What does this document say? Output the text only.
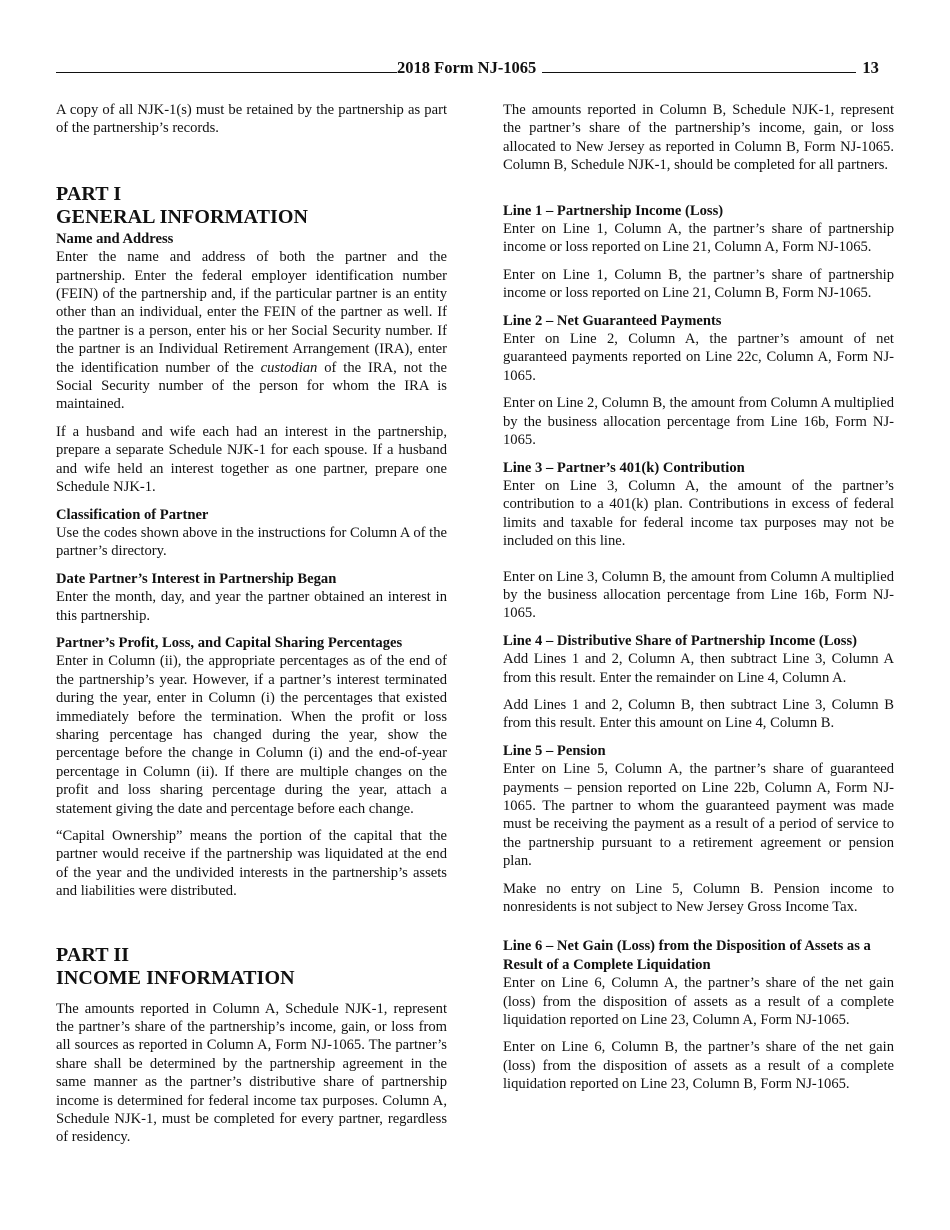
2018 Form NJ-1065	13

A copy of all NJK-1(s) must be retained by the partnership as part of the partnership’s records.

PART I
GENERAL INFORMATION
Name and Address

Enter the name and address of both the partner and the partnership. Enter the federal employer identification number (FEIN) of the partnership and, if the particular partner is an entity other than an individual, enter the FEIN of the partner as well. If the partner is a person, enter his or her Social Security number. If the partner is an Individual Retirement Arrangement (IRA), enter the identification number of the custodian of the IRA, not the Social Security number of the person for whom the IRA is maintained.

If a husband and wife each had an interest in the partnership, prepare a separate Schedule NJK-1 for each spouse. If a husband and wife held an interest together as one partner, prepare one Schedule NJK-1.

Classification of Partner

Use the codes shown above in the instructions for Column A of the partner’s directory.

Date Partner’s Interest in Partnership Began

Enter the month, day, and year the partner obtained an interest in this partnership.

Partner’s Profit, Loss, and Capital Sharing Percentages

Enter in Column (ii), the appropriate percentages as of the end of the partnership’s year. However, if a partner’s interest terminated during the year, enter in Column (i) the percentages that existed immediately before the termination. When the profit or loss sharing percentage has changed during the year, show the percentage before the change in Column (i) and the end-of-year percentage in Column (ii). If there are multiple changes on the profit and loss sharing percentage during the year, attach a statement giving the date and percentage before each change.

“Capital Ownership” means the portion of the capital that the partner would receive if the partnership was liquidated at the end of the year and the undivided interests in the partnership’s assets and liabilities were distributed.

PART II
INCOME INFORMATION

The amounts reported in Column A, Schedule NJK-1, represent the partner’s share of the partnership’s income, gain, or loss from all sources as reported in Column A, Form NJ-1065. The partner’s share shall be determined by the partnership agreement in the same manner as the partner’s distributive share of partnership income is determined for federal income tax purposes. Column A, Schedule NJK-1, must be completed for every partner, regardless of residency.

The amounts reported in Column B, Schedule NJK-1, represent the partner’s share of the partnership’s income, gain, or loss allocated to New Jersey as reported in Column B, Form NJ-1065. Column B, Schedule NJK-1, should be completed for all partners.

Line 1 – Partnership Income (Loss)

Enter on Line 1, Column A, the partner’s share of partnership income or loss reported on Line 21, Column A, Form NJ-1065.

Enter on Line 1, Column B, the partner’s share of partnership income or loss reported on Line 21, Column B, Form NJ-1065.

Line 2 – Net Guaranteed Payments

Enter on Line 2, Column A, the partner’s amount of net guaranteed payments reported on Line 22c, Column A, Form NJ-1065.

Enter on Line 2, Column B, the amount from Column A multiplied by the business allocation percentage from Line 16b, Form NJ-1065.

Line 3 – Partner’s 401(k) Contribution

Enter on Line 3, Column A, the amount of the partner’s contribution to a 401(k) plan. Contributions in excess of federal limits and taxable for federal income tax purposes may not be included on this line.

Enter on Line 3, Column B, the amount from Column A multiplied by the business allocation percentage from Line 16b, Form NJ-1065.

Line 4 – Distributive Share of Partnership Income (Loss)

Add Lines 1 and 2, Column A, then subtract Line 3, Column A from this result. Enter the remainder on Line 4, Column A.

Add Lines 1 and 2, Column B, then subtract Line 3, Column B from this result. Enter this amount on Line 4, Column B.

Line 5 – Pension

Enter on Line 5, Column A, the partner’s share of guaranteed payments – pension reported on Line 22b, Column A, Form NJ-1065. The partner to whom the guaranteed payment was made must be receiving the payment as a result of a period of service to the partnership pursuant to a retirement agreement or pension plan.

Make no entry on Line 5, Column B. Pension income to nonresidents is not subject to New Jersey Gross Income Tax.

Line 6 – Net Gain (Loss) from the Disposition of Assets as a Result of a Complete Liquidation

Enter on Line 6, Column A, the partner’s share of the net gain (loss) from the disposition of assets as a result of a complete liquidation reported on Line 23, Column A, Form NJ-1065.

Enter on Line 6, Column B, the partner’s share of the net gain (loss) from the disposition of assets as a result of a complete liquidation reported on Line 23, Column B, Form NJ-1065.
